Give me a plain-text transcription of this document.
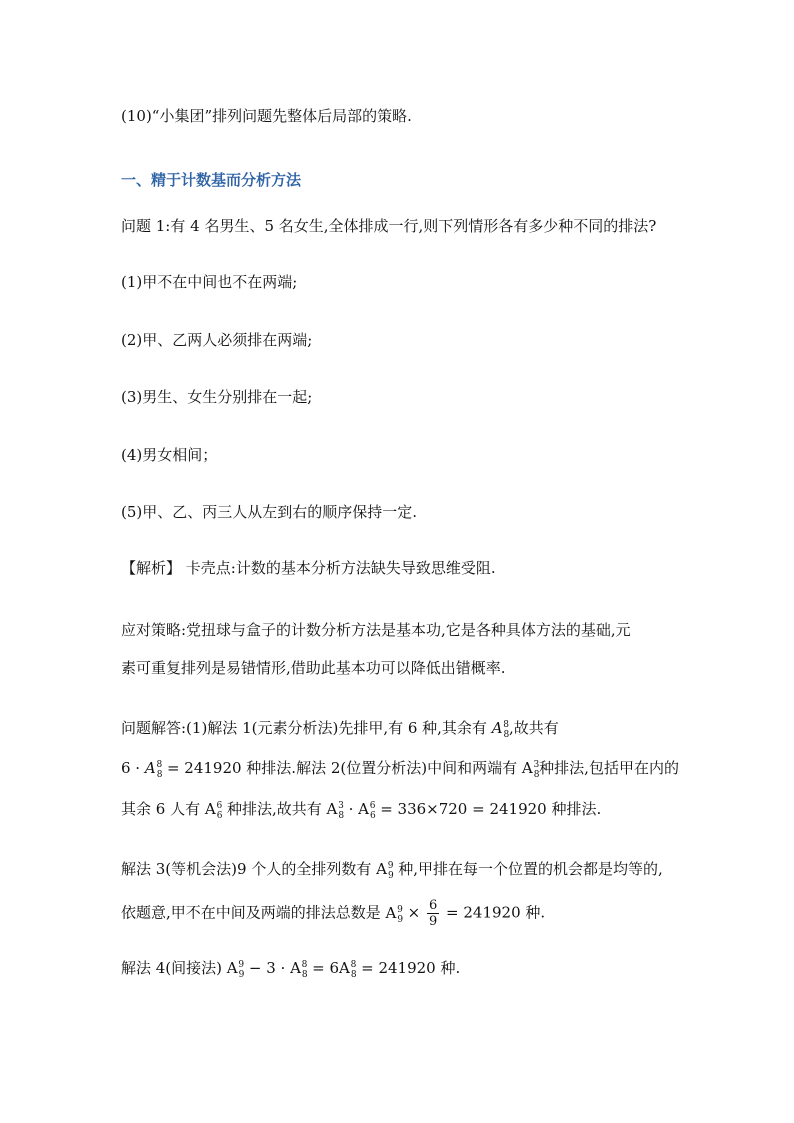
(10)“小集团”排列问题先整体后局部的策略.
一、精于计数基而分析方法
问题 1:有 4 名男生、5 名女生,全体排成一行,则下列情形各有多少种不同的排法?
(1)甲不在中间也不在两端;
(2)甲、乙两人必须排在两端;
(3)男生、女生分别排在一起;
(4)男女相间；
(5)甲、乙、丙三人从左到右的顺序保持一定.
【解析】 卡壳点:计数的基本分析方法缺失导致思维受阻.
应对策略:党扭球与盒子的计数分析方法是基本功,它是各种具体方法的基础,元
素可重复排列是易错情形,借助此基本功可以降低出错概率.
问题解答:(1)解法 1(元素分析法)先排甲,有 6 种,其余有 $A_8^8$,故共有
$6 \cdot A_8^8 = 241920$ 种排法.解法 2(位置分析法)中间和两端有 $A_8^3$种排法,包括甲在内的
其余 6 人有 $A_6^6$ 种排法,故共有 $A_8^3 \cdot A_6^6 = 336\times 720 = 241920$ 种排法.
解法 3(等机会法)9 个人的全排列数有 $A_9^9$ 种,甲排在每一个位置的机会都是均等的,
依题意,甲不在中间及两端的排法总数是 $A_9^9 \times \frac{6}{9} = 241920$ 种.
解法 4(间接法) $A_9^9 - 3 \cdot A_8^8 = 6A_8^8 = 241920$ 种.
